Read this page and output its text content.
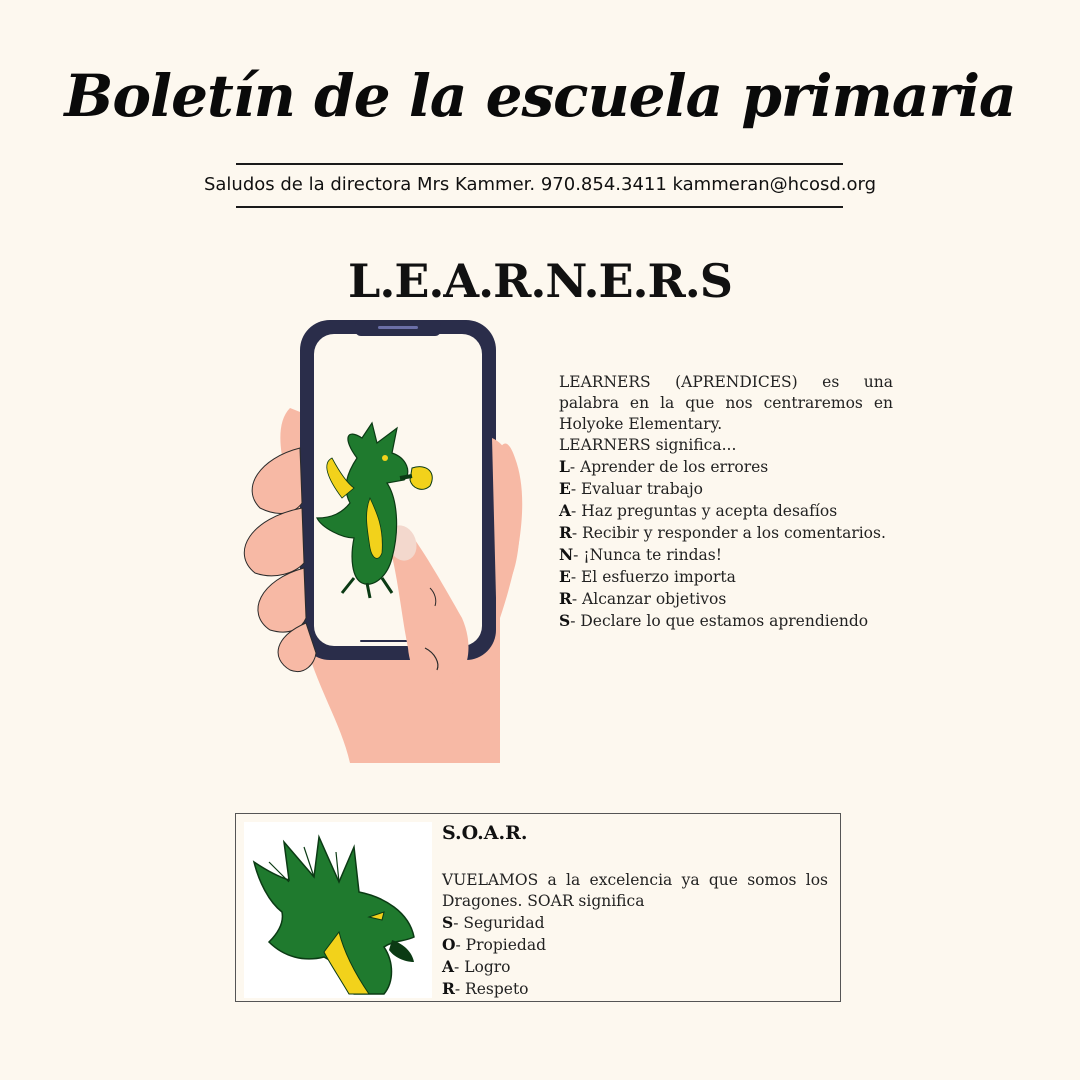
Boletín de la escuela primaria
Saludos de la directora Mrs Kammer. 970.854.3411 kammeran@hcosd.org
L.E.A.R.N.E.R.S
LEARNERS (APRENDICES) es una palabra en la que nos centraremos en Holyoke Elementary.
LEARNERS significa...
L- Aprender de los errores
E- Evaluar trabajo
A- Haz preguntas y acepta desafíos
R- Recibir y responder a los comentarios.
N- ¡Nunca te rindas!
E- El esfuerzo importa
R- Alcanzar objetivos
S- Declare lo que estamos aprendiendo
S.O.A.R.
VUELAMOS a la excelencia ya que somos los Dragones. SOAR significa
S- Seguridad
O- Propiedad
A- Logro
R- Respeto
